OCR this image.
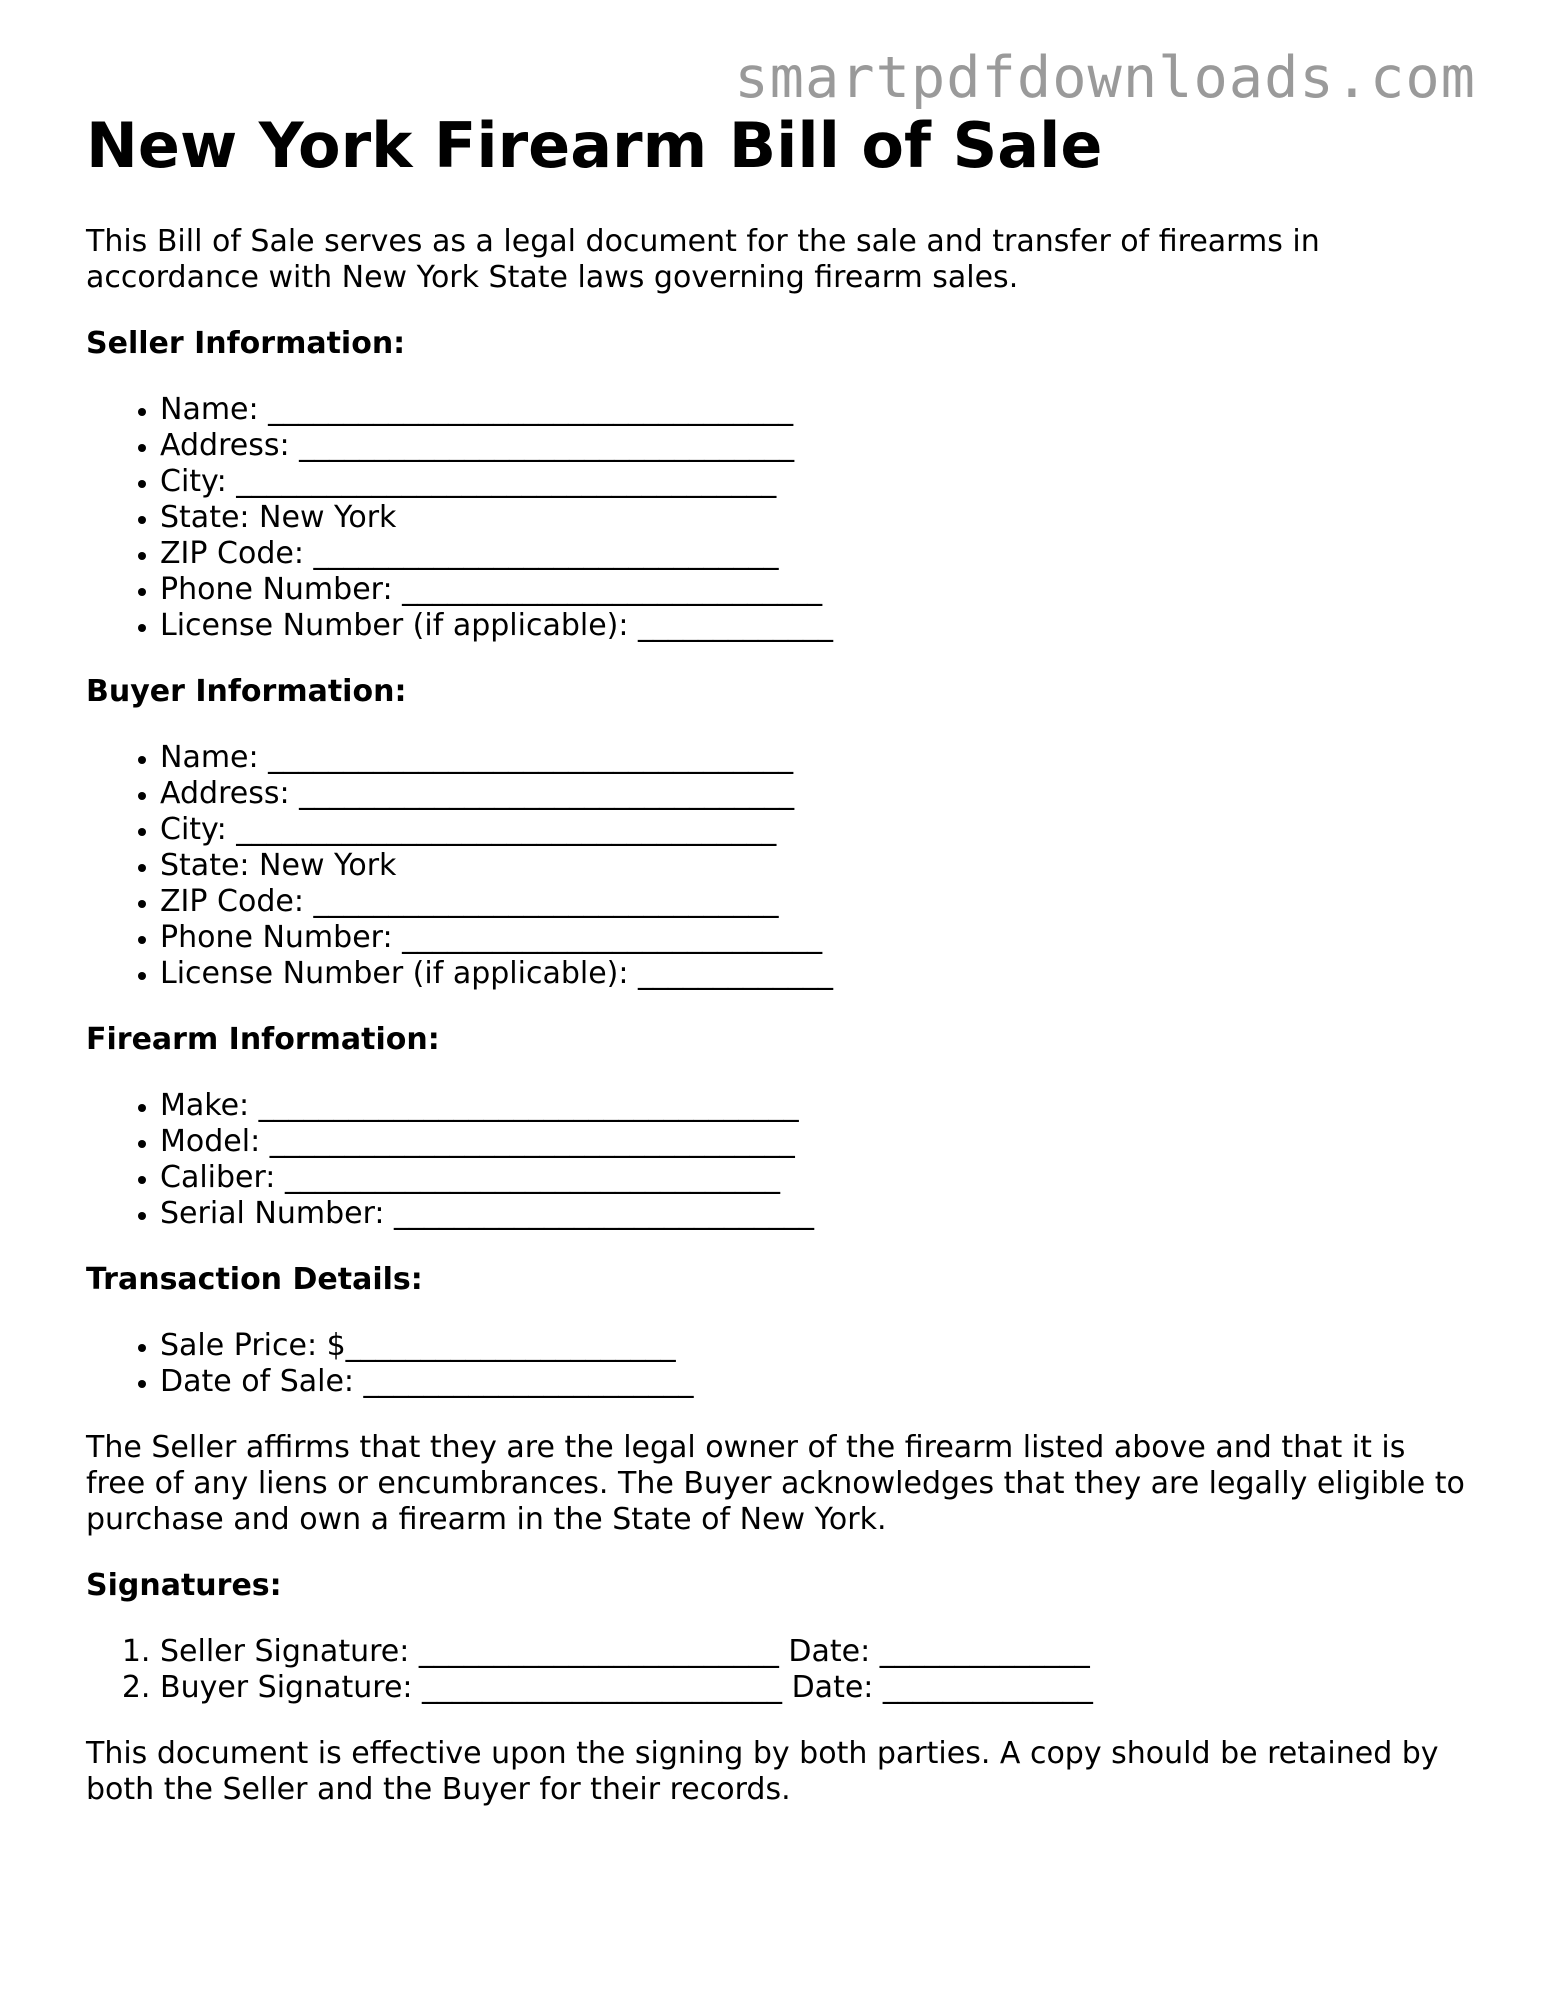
smartpdfdownloads.com
New York Firearm Bill of Sale

This Bill of Sale serves as a legal document for the sale and transfer of firearms in accordance with New York State laws governing firearm sales.

Seller Information:
• Name: ___________________________________
• Address: _________________________________
• City: ____________________________________
• State: New York
• ZIP Code: _______________________________
• Phone Number: ____________________________
• License Number (if applicable): _____________
Buyer Information:
• Name: ___________________________________
• Address: _________________________________
• City: ____________________________________
• State: New York
• ZIP Code: _______________________________
• Phone Number: ____________________________
• License Number (if applicable): _____________
Firearm Information:
• Make: ____________________________________
• Model: ___________________________________
• Caliber: _________________________________
• Serial Number: ____________________________
Transaction Details:
• Sale Price: $______________________
• Date of Sale: ______________________

The Seller affirms that they are the legal owner of the firearm listed above and that it is free of any liens or encumbrances. The Buyer acknowledges that they are legally eligible to purchase and own a firearm in the State of New York.

Signatures:
1. Seller Signature: ________________________ Date: ______________
2. Buyer Signature: ________________________ Date: ______________

This document is effective upon the signing by both parties. A copy should be retained by both the Seller and the Buyer for their records.
